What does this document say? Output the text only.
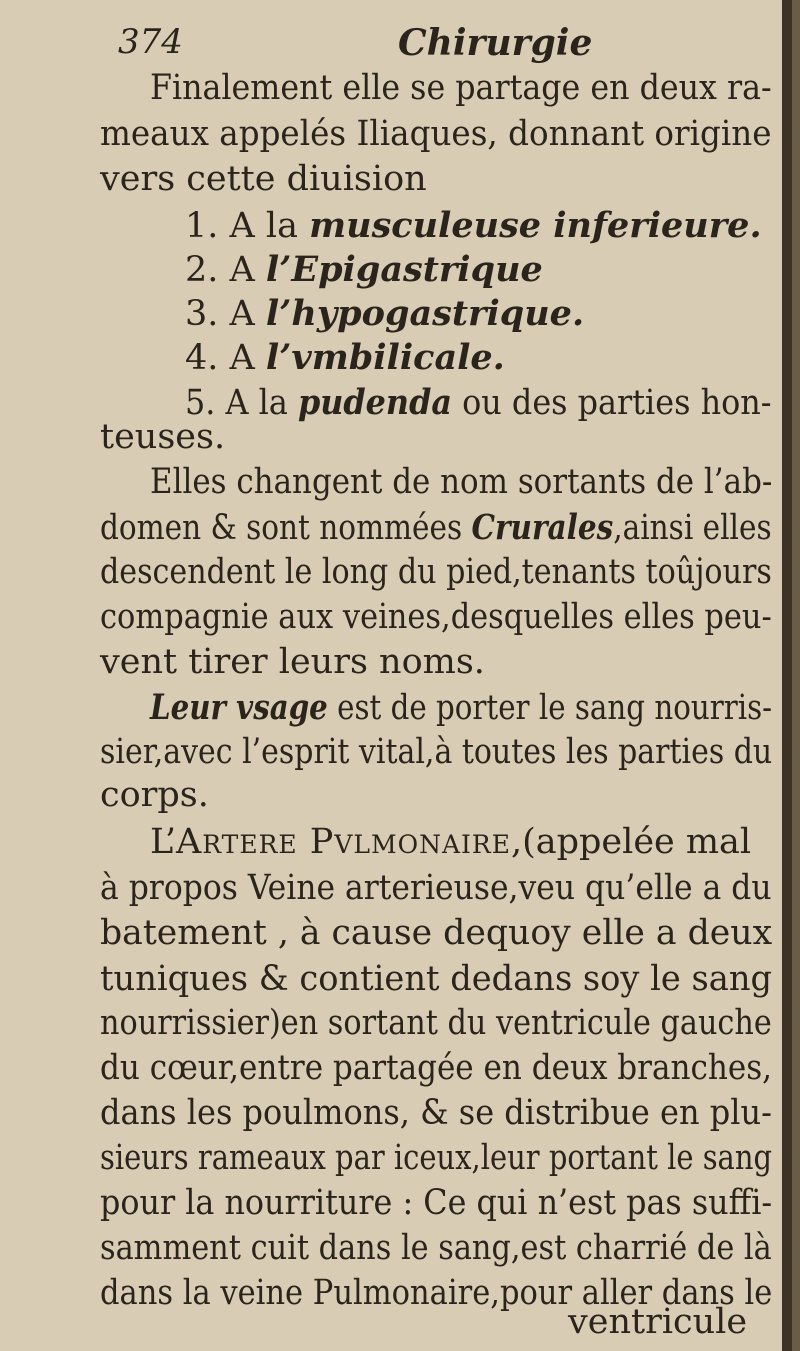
374	Chirurgie
Finalement elle se partage en deux ra-
meaux appelés Iliaques, donnant origine
vers cette diuision
1. A la musculeuse inferieure.
2. A l’Epigastrique
3. A l’hypogastrique.
4. A l’vmbilicale.
5. A la pudenda ou des parties hon-
teuses.
Elles changent de nom sortants de l’ab-
domen & sont nommées Crurales,ainsi elles
descendent le long du pied,tenants toûjours
compagnie aux veines,desquelles elles peu-
vent tirer leurs noms.
Leur vsage est de porter le sang nourris-
sier,avec l’esprit vital,à toutes les parties du
corps.
L’Artere Pvlmonaire,(appelée mal
à propos Veine arterieuse,veu qu’elle a du
batement , à cause dequoy elle a deux
tuniques & contient dedans soy le sang
nourrissier)en sortant du ventricule gauche
du cœur,entre partagée en deux branches,
dans les poulmons, & se distribue en plu-
sieurs rameaux par iceux,leur portant le sang
pour la nourriture : Ce qui n’est pas suffi-
samment cuit dans le sang,est charrié de là
dans la veine Pulmonaire,pour aller dans le
ventricule
